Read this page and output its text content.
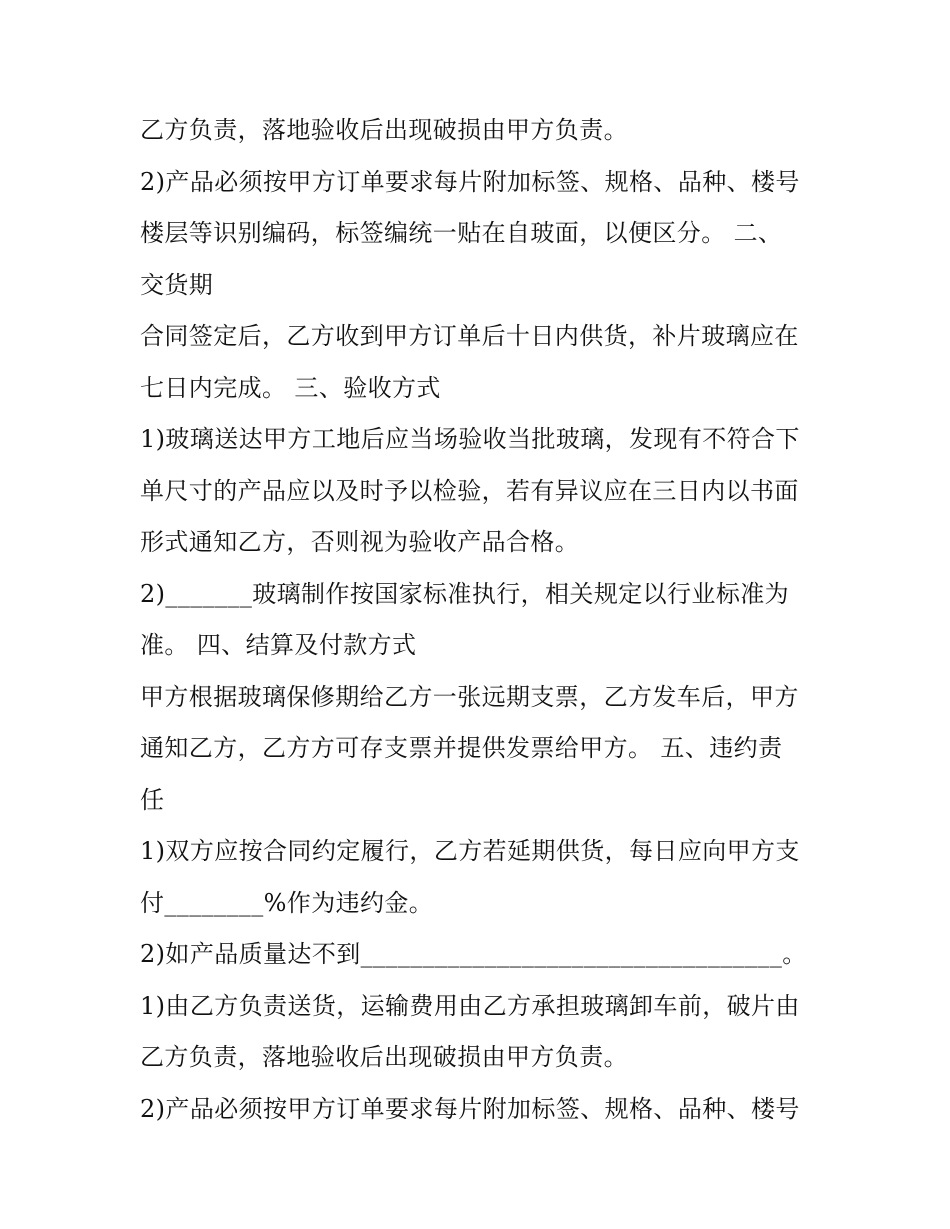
乙方负责，落地验收后出现破损由甲方负责。
2)产品必须按甲方订单要求每片附加标签、规格、品种、楼号
楼层等识别编码，标签编统一贴在自玻面，以便区分。 二、
交货期
合同签定后，乙方收到甲方订单后十日内供货，补片玻璃应在
七日内完成。 三、验收方式
1)玻璃送达甲方工地后应当场验收当批玻璃，发现有不符合下
单尺寸的产品应以及时予以检验，若有异议应在三日内以书面
形式通知乙方，否则视为验收产品合格。
2)_______玻璃制作按国家标准执行，相关规定以行业标准为
准。 四、结算及付款方式
甲方根据玻璃保修期给乙方一张远期支票，乙方发车后，甲方
通知乙方，乙方方可存支票并提供发票给甲方。 五、违约责
任
1)双方应按合同约定履行，乙方若延期供货，每日应向甲方支
付________%作为违约金。
2)如产品质量达不到__________________________________。
1)由乙方负责送货，运输费用由乙方承担玻璃卸车前，破片由
乙方负责，落地验收后出现破损由甲方负责。
2)产品必须按甲方订单要求每片附加标签、规格、品种、楼号
